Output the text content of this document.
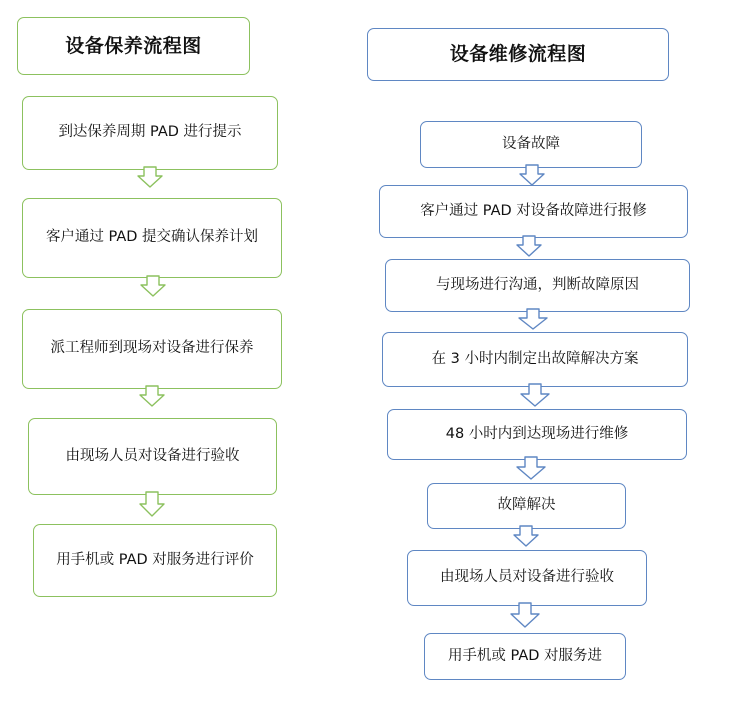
设备保养流程图
到达保养周期 PAD 进行提示
客户通过 PAD 提交确认保养计划
派工程师到现场对设备进行保养
由现场人员对设备进行验收
用手机或 PAD 对服务进行评价
设备维修流程图
设备故障
客户通过 PAD 对设备故障进行报修
与现场进行沟通，判断故障原因
在 3 小时内制定出故障解决方案
48 小时内到达现场进行维修
故障解决
由现场人员对设备进行验收
用手机或 PAD 对服务进
